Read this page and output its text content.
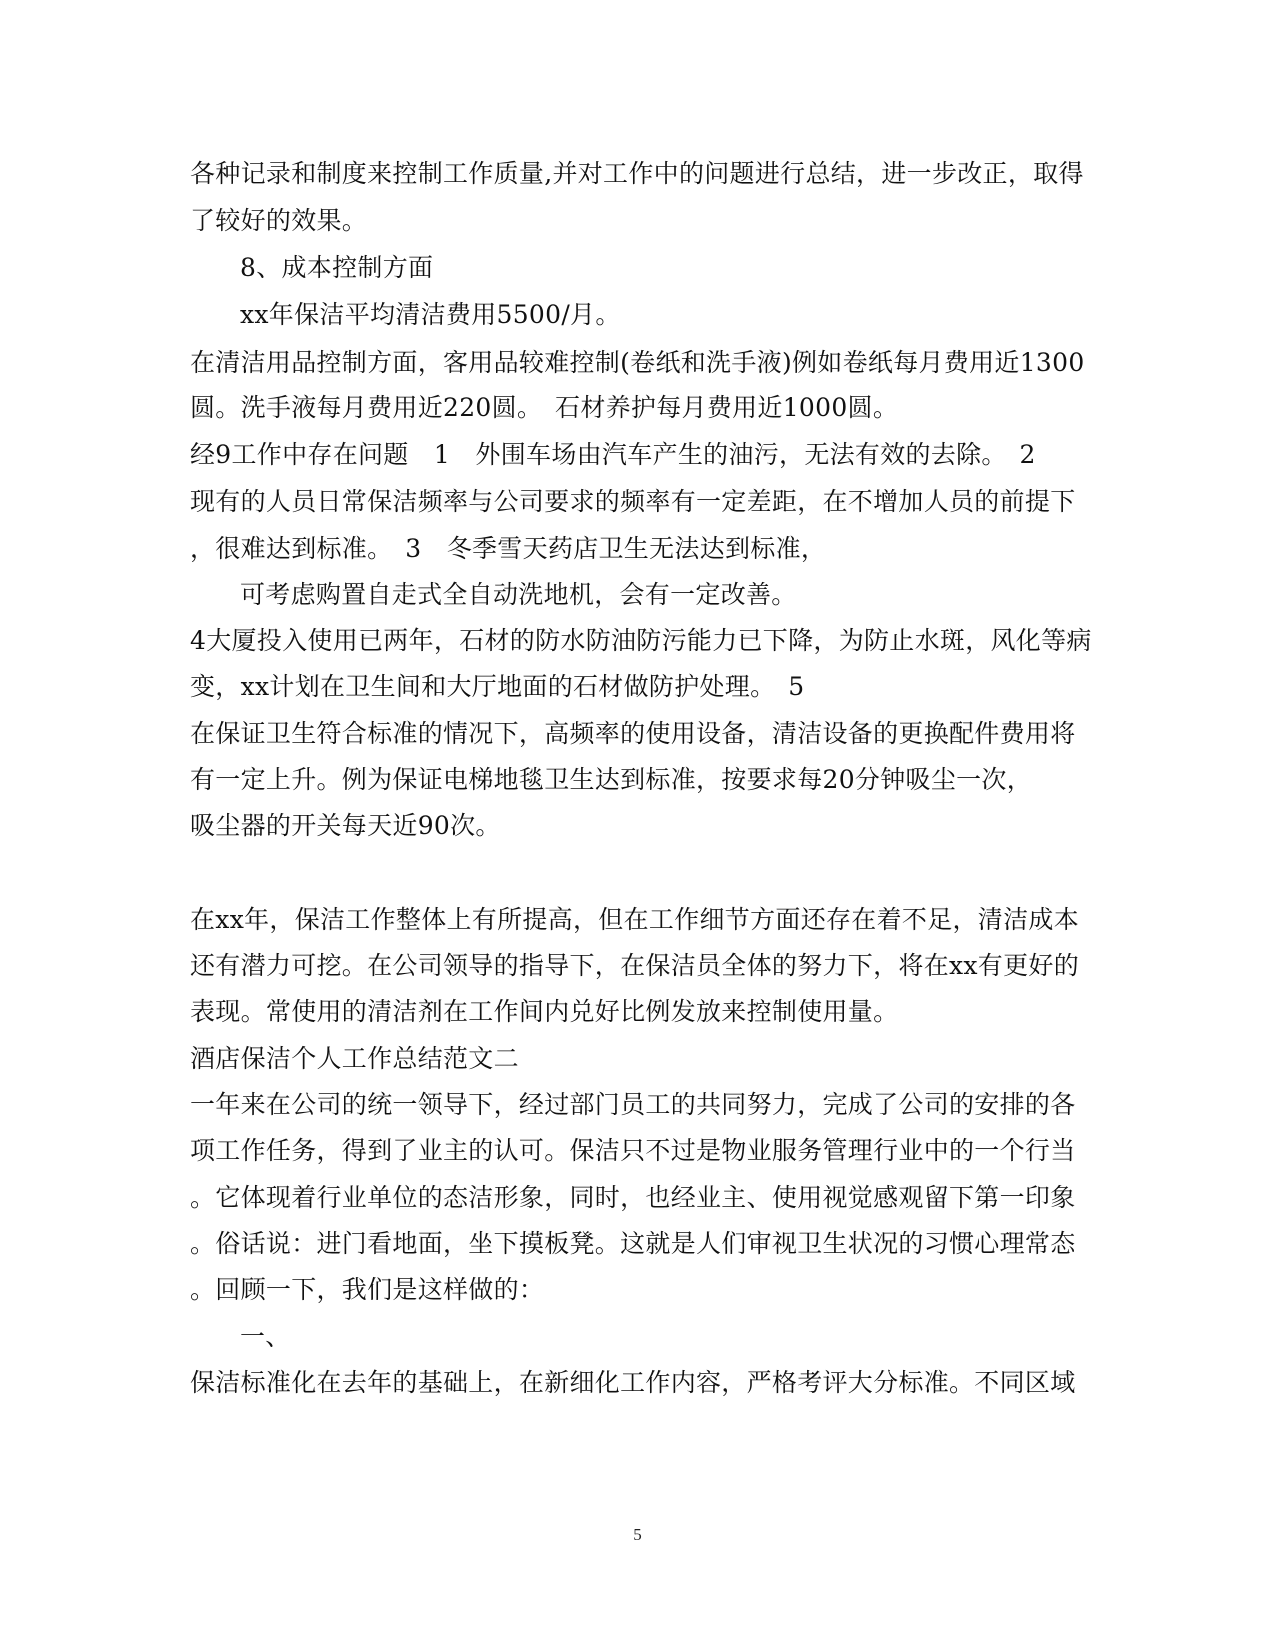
各种记录和制度来控制工作质量,并对工作中的问题进行总结，进一步改正，取得

了较好的效果。

8、成本控制方面

xx年保洁平均清洁费用5500/月。

在清洁用品控制方面，客用品较难控制(卷纸和洗手液)例如卷纸每月费用近1300

圆。洗手液每月费用近220圆。　石材养护每月费用近1000圆。

经9工作中存在问题　1　外围车场由汽车产生的油污，无法有效的去除。　2

现有的人员日常保洁频率与公司要求的频率有一定差距，在不增加人员的前提下

，很难达到标准。　3　冬季雪天药店卫生无法达到标准，

可考虑购置自走式全自动洗地机，会有一定改善。

4大厦投入使用已两年，石材的防水防油防污能力已下降，为防止水斑，风化等病

变，xx计划在卫生间和大厅地面的石材做防护处理。　5

在保证卫生符合标准的情况下，高频率的使用设备，清洁设备的更换配件费用将

有一定上升。例为保证电梯地毯卫生达到标准，按要求每20分钟吸尘一次，

吸尘器的开关每天近90次。

在xx年，保洁工作整体上有所提高，但在工作细节方面还存在着不足，清洁成本

还有潜力可挖。在公司领导的指导下，在保洁员全体的努力下，将在xx有更好的

表现。常使用的清洁剂在工作间内兑好比例发放来控制使用量。

酒店保洁个人工作总结范文二

一年来在公司的统一领导下，经过部门员工的共同努力，完成了公司的安排的各

项工作任务，得到了业主的认可。保洁只不过是物业服务管理行业中的一个行当

。它体现着行业单位的态洁形象，同时，也经业主、使用视觉感观留下第一印象

。俗话说：进门看地面，坐下摸板凳。这就是人们审视卫生状况的习惯心理常态

。回顾一下，我们是这样做的：

一、

保洁标准化在去年的基础上，在新细化工作内容，严格考评大分标准。不同区域

5
